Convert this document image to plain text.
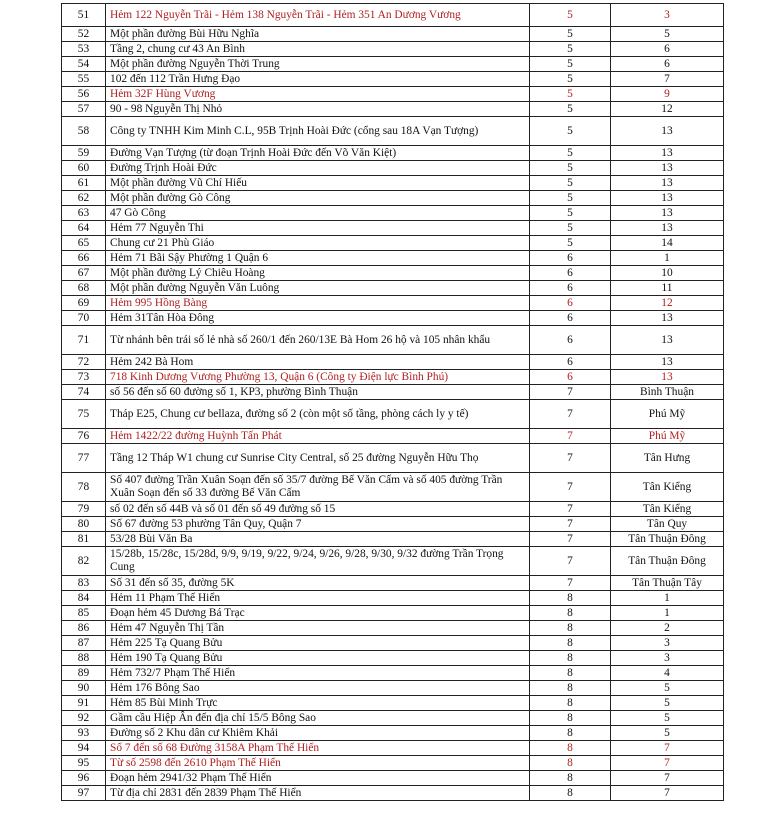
51	Hẻm 122 Nguyễn Trãi - Hẻm 138 Nguyễn Trãi - Hẻm 351 An Dương Vương	5	3
52	Một phần đường Bùi Hữu Nghĩa	5	5
53	Tầng 2, chung cư 43 An Bình	5	6
54	Một phần đường Nguyễn Thời Trung	5	6
55	102 đến 112 Trần Hưng Đạo	5	7
56	Hẻm 32F Hùng Vương	5	9
57	90 - 98 Nguyễn Thị Nhỏ	5	12
58	Công ty TNHH Kim Minh C.L, 95B Trịnh Hoài Đức (cổng sau 18A Vạn Tượng)	5	13
59	Đường Vạn Tượng (từ đoạn Trịnh Hoài Đức đến Võ Văn Kiệt)	5	13
60	Đường Trịnh Hoài Đức	5	13
61	Một phần đường Vũ Chí Hiếu	5	13
62	Một phần đường Gò Công	5	13
63	47 Gò Công	5	13
64	Hẻm 77 Nguyễn Thi	5	13
65	Chung cư 21 Phù Giáo	5	14
66	Hẻm 71 Bãi Sậy Phường 1 Quận 6	6	1
67	Một phần đường Lý Chiêu Hoàng	6	10
68	Một phần đường Nguyễn Văn Luông	6	11
69	Hẻm 995 Hồng Bàng	6	12
70	Hẻm 31Tân Hòa Đông	6	13
71	Từ nhánh bên trái số lẻ nhà số 260/1 đến 260/13E Bà Hom 26 hộ và 105 nhân khẩu	6	13
72	Hẻm 242 Bà Hom	6	13
73	718 Kinh Dương Vương Phường 13, Quận 6 (Công ty Điện lực Bình Phú)	6	13
74	số 56 đến số 60 đường số 1, KP3, phường Bình Thuận	7	Bình Thuận
75	Tháp E25, Chung cư bellaza, đường số 2 (còn một số tầng, phòng cách ly y tế)	7	Phú Mỹ
76	Hẻm 1422/22 đường Huỳnh Tấn Phát	7	Phú Mỹ
77	Tầng 12 Tháp W1 chung cư Sunrise City Central, số 25 đường Nguyễn Hữu Thọ	7	Tân Hưng
78	Số 407 đường Trần Xuân Soạn đến số 35/7 đường Bế Văn Cấm và số 405 đường Trần Xuân Soạn đến số 33 đường Bế Văn Cấm	7	Tân Kiểng
79	số 02 đến số 44B và số 01 đến số 49 đường số 15	7	Tân Kiểng
80	Số 67 đường 53 phường Tân Quy, Quận 7	7	Tân Quy
81	53/28 Bùi Văn Ba	7	Tân Thuận Đông
82	15/28b, 15/28c, 15/28d, 9/9, 9/19, 9/22, 9/24, 9/26, 9/28, 9/30, 9/32 đường Trần Trọng Cung	7	Tân Thuận Đông
83	Số 31 đến số 35, đường 5K	7	Tân Thuận Tây
84	Hẻm 11 Phạm Thế Hiển	8	1
85	Đoạn hẻm 45 Dương Bá Trạc	8	1
86	Hẻm 47 Nguyễn Thị Tần	8	2
87	Hẻm 225 Tạ Quang Bửu	8	3
88	Hẻm 190 Tạ Quang Bửu	8	3
89	Hẻm 732/7 Phạm Thế Hiển	8	4
90	Hẻm 176 Bông Sao	8	5
91	Hẻm 85 Bùi Minh Trực	8	5
92	Gầm cầu Hiệp Ân đến địa chỉ 15/5 Bông Sao	8	5
93	Đường số 2 Khu dân cư Khiêm Khải	8	5
94	Số 7 đến số 68 Đường 3158A Phạm Thế Hiển	8	7
95	Từ số 2598 đến 2610 Phạm Thế Hiển	8	7
96	Đoạn hẻm 2941/32 Phạm Thế Hiển	8	7
97	Từ địa chỉ 2831 đến 2839 Phạm Thế Hiển	8	7
